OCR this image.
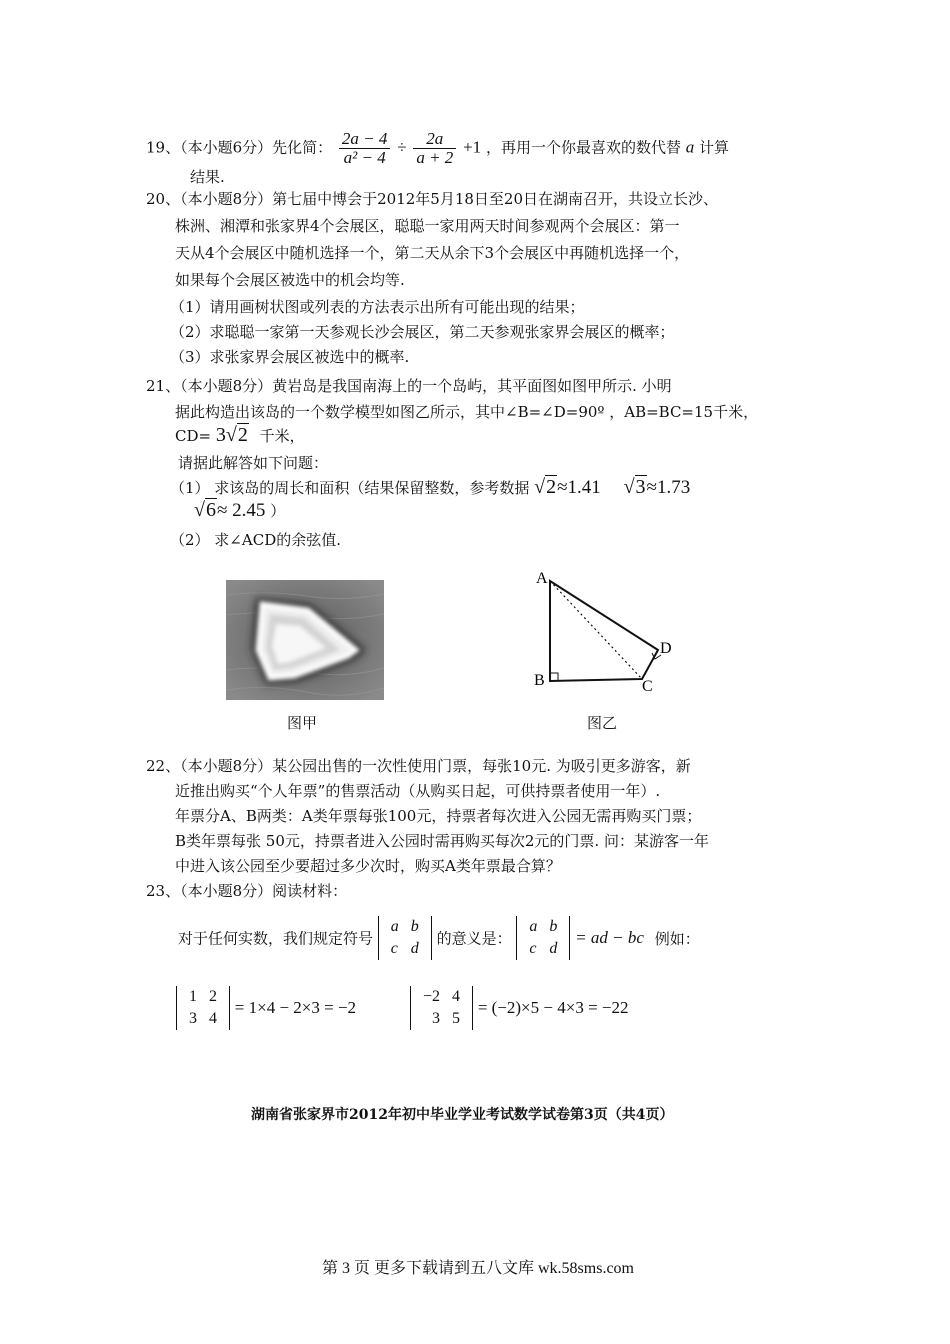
19、（本小题6分）先化简： $\frac{2a - 4}{\text{a² − 4}} \div \frac{2a}{a + 2} +1$ ，再用一个你最喜欢的数代替 a 计算
结果.
20、（本小题8分）第七届中博会于2012年5月18日至20日在湖南召开，共设立长沙、
株洲、湘潭和张家界4个会展区，聪聪一家用两天时间参观两个会展区：第一
天从4个会展区中随机选择一个，第二天从余下3个会展区中再随机选择一个，
如果每个会展区被选中的机会均等.
（1）请用画树状图或列表的方法表示出所有可能出现的结果；
（2）求聪聪一家第一天参观长沙会展区，第二天参观张家界会展区的概率；
（3）求张家界会展区被选中的概率.
21、（本小题8分）黄岩岛是我国南海上的一个岛屿，其平面图如图甲所示. 小明
据此构造出该岛的一个数学模型如图乙所示，其中∠B=∠D=90º ，AB=BC=15千米，
CD= 3√2 千米，
请据此解答如下问题：
（1） 求该岛的周长和面积（结果保留整数，参考数据 √2≈1.41 √3≈1.73
√6≈ 2.45 ）
（2） 求∠ACD的余弦值.
图甲
A
B	C
D
图乙
22、（本小题8分）某公园出售的一次性使用门票，每张10元. 为吸引更多游客，新
近推出购买“个人年票”的售票活动（从购买日起，可供持票者使用一年）.
年票分A、B两类：A类年票每张100元，持票者每次进入公园无需再购买门票；
B类年票每张 50元，持票者进入公园时需再购买每次2元的门票. 问：某游客一年
中进入该公园至少要超过多少次时，购买A类年票最合算？
23、（本小题8分）阅读材料：
对于任何实数，我们规定符号
a	b
c	d
的意义是：
a	b
c	d
= ad − bc 例如：
1	2
3	4
= 1×4 − 2×3 = −2
−2	4
3	5
= (−2)×5 − 4×3 = −22
湖南省张家界市2012年初中毕业学业考试数学试卷第3页（共4页）
第 3 页 更多下载请到五八文库 wk.58sms.com
